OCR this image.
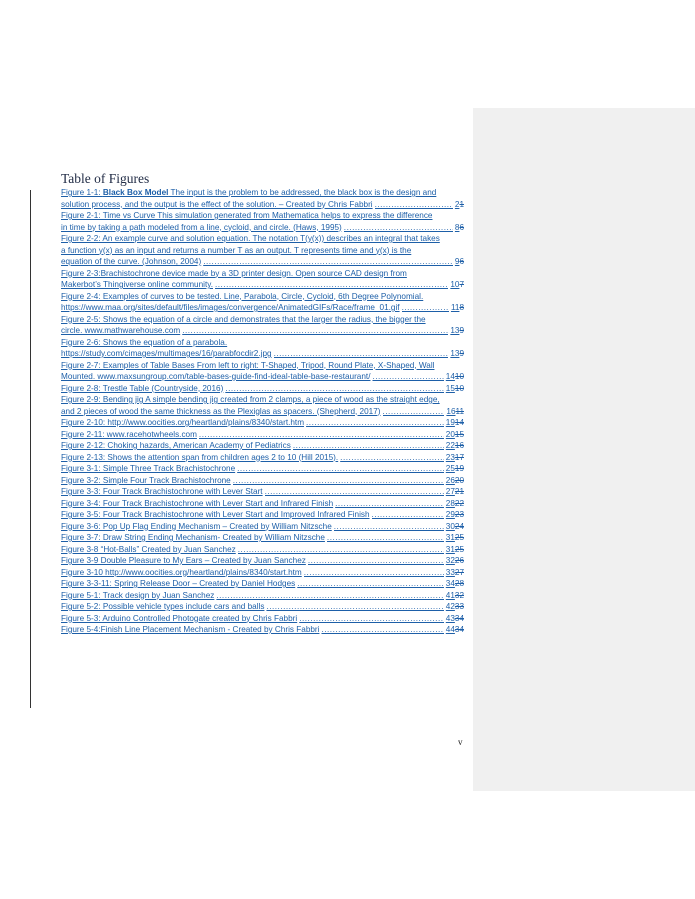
Table of Figures
Figure 1-1: Black Box Model The input is the problem to be addressed, the black box is the design and
solution process, and the output is the effect of the solution. – Created by Chris Fabbri .....	21
Figure 2-1: Time vs Curve This simulation generated from Mathematica helps to express the difference
in time by taking a path modeled from a line, cycloid, and circle. (Haws, 1995) .....	86
Figure 2-2: An example curve and solution equation. The notation T(y(x)) describes an integral that takes
a function y(x) as an input and returns a number T as an output. T represents time and y(x) is the
equation of the curve. (Johnson, 2004) .....	96
Figure 2-3:Brachistochrone device made by a 3D printer design. Open source CAD design from
Makerbot’s Thingiverse online community. .....	107
Figure 2-4: Examples of curves to be tested. Line, Parabola, Circle, Cycloid, 6th Degree Polynomial.
https://www.maa.org/sites/default/files/images/convergence/AnimatedGIFs/Race/frame_01.gif .....	118
Figure 2-5: Shows the equation of a circle and demonstrates that the larger the radius, the bigger the
circle. www.mathwarehouse.com .....	139
Figure 2-6: Shows the equation of a parabola.
https://study.com/cimages/multimages/16/parabfocdir2.jpg .....	139
Figure 2-7: Examples of Table Bases From left to right: T-Shaped, Tripod, Round Plate, X-Shaped, Wall
Mounted. www.maxsungroup.com/table-bases-guide-find-ideal-table-base-restaurant/ .....	1410
Figure 2-8: Trestle Table (Countryside, 2016) .....	1510
Figure 2-9: Bending jig A simple bending jig created from 2 clamps, a piece of wood as the straight edge,
and 2 pieces of wood the same thickness as the Plexiglas as spacers. (Shepherd, 2017) .....	1611
Figure 2-10: http://www.oocities.org/heartland/plains/8340/start.htm .....	1914
Figure 2-11: www.racehotwheels.com .....	2015
Figure 2-12: Choking hazards, American Academy of Pediatrics .....	2216
Figure 2-13: Shows the attention span from children ages 2 to 10 (Hill 2015). .....	2317
Figure 3-1: Simple Three Track Brachistochrone .....	2519
Figure 3-2: Simple Four Track Brachistochrone .....	2620
Figure 3-3: Four Track Brachistochrone with Lever Start .....	2721
Figure 3-4: Four Track Brachistochrone with Lever Start and Infrared Finish .....	2822
Figure 3-5: Four Track Brachistochrone with Lever Start and Improved Infrared Finish .....	2923
Figure 3-6: Pop Up Flag Ending Mechanism – Created by William Nitzsche .....	3024
Figure 3-7: Draw String Ending Mechanism- Created by William Nitzsche .....	3125
Figure 3-8 “Hot-Balls” Created by Juan Sanchez .....	3125
Figure 3-9 Double Pleasure to My Ears – Created by Juan Sanchez .....	3226
Figure 3-10 http://www.oocities.org/heartland/plains/8340/start.htm .....	3327
Figure 3-3-11: Spring Release Door – Created by Daniel Hodges .....	3428
Figure 5-1: Track design by Juan Sanchez .....	4132
Figure 5-2: Possible vehicle types include cars and balls .....	4233
Figure 5-3: Arduino Controlled Photogate created by Chris Fabbri .....	4334
Figure 5-4:Finish Line Placement Mechanism - Created by Chris Fabbri .....	4434
v
